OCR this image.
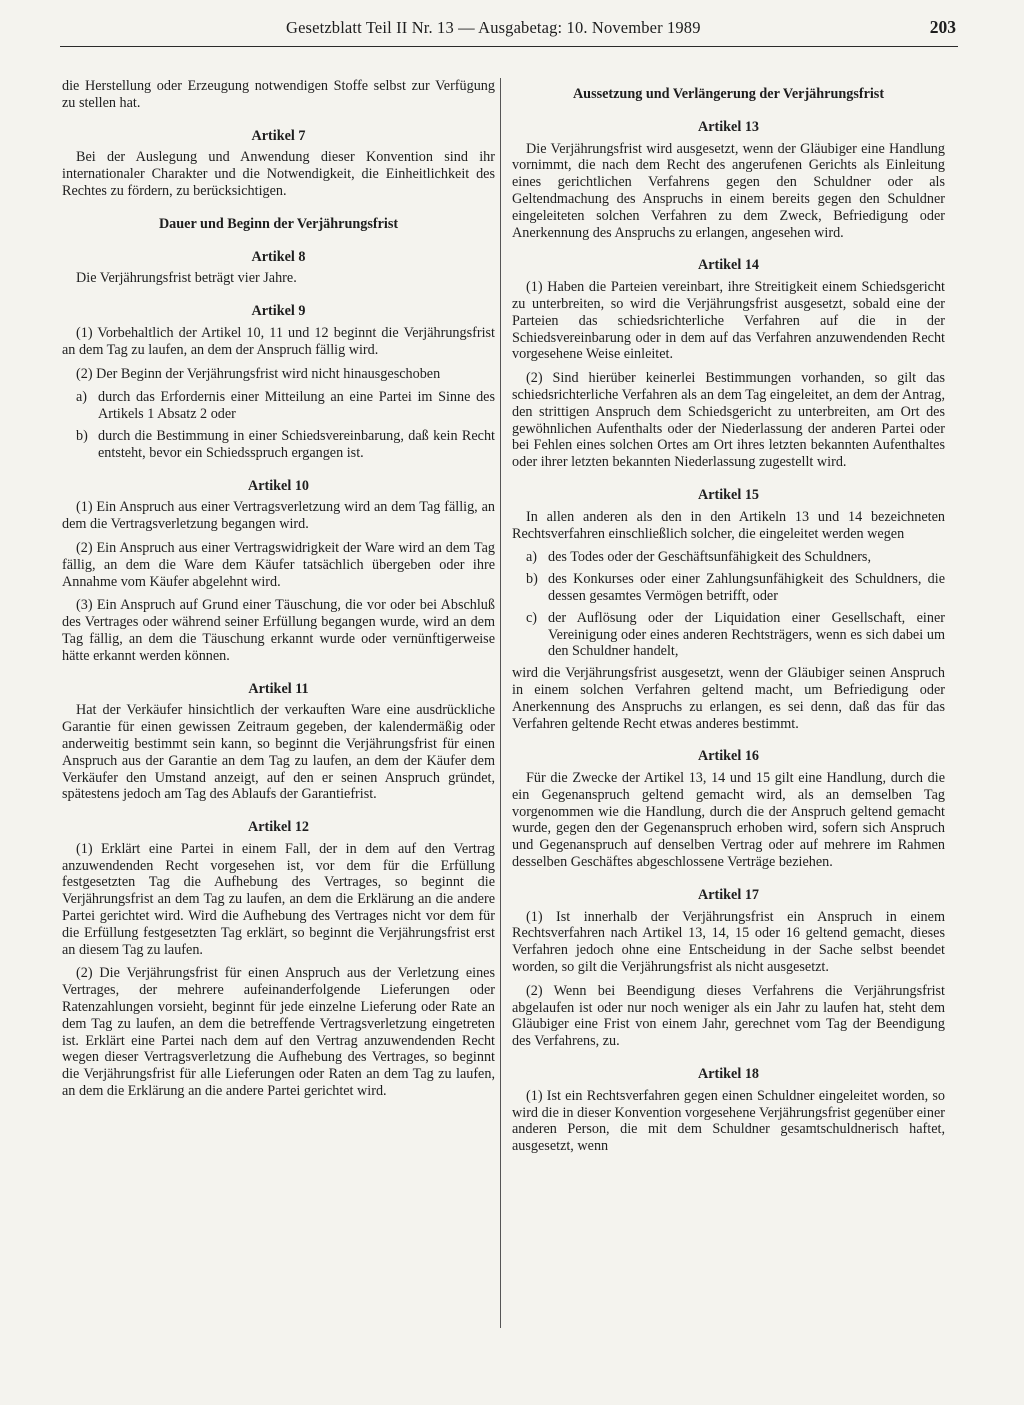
Gesetzblatt Teil II Nr. 13 — Ausgabetag: 10. November 1989	203

die Herstellung oder Erzeugung notwendigen Stoffe selbst zur Verfügung zu stellen hat.

Artikel 7

Bei der Auslegung und Anwendung dieser Konvention sind ihr internationaler Charakter und die Notwendigkeit, die Einheitlichkeit des Rechtes zu fördern, zu berücksichtigen.

Dauer und Beginn der Verjährungsfrist
Artikel 8

Die Verjährungsfrist beträgt vier Jahre.

Artikel 9

(1) Vorbehaltlich der Artikel 10, 11 und 12 beginnt die Verjährungsfrist an dem Tag zu laufen, an dem der Anspruch fällig wird.

(2) Der Beginn der Verjährungsfrist wird nicht hinausgeschoben

a) durch das Erfordernis einer Mitteilung an eine Partei im Sinne des Artikels 1 Absatz 2 oder
b) durch die Bestimmung in einer Schiedsvereinbarung, daß kein Recht entsteht, bevor ein Schiedsspruch ergangen ist.
Artikel 10

(1) Ein Anspruch aus einer Vertragsverletzung wird an dem Tag fällig, an dem die Vertragsverletzung begangen wird.

(2) Ein Anspruch aus einer Vertragswidrigkeit der Ware wird an dem Tag fällig, an dem die Ware dem Käufer tatsächlich übergeben oder ihre Annahme vom Käufer abgelehnt wird.

(3) Ein Anspruch auf Grund einer Täuschung, die vor oder bei Abschluß des Vertrages oder während seiner Erfüllung begangen wurde, wird an dem Tag fällig, an dem die Täuschung erkannt wurde oder vernünftigerweise hätte erkannt werden können.

Artikel 11

Hat der Verkäufer hinsichtlich der verkauften Ware eine ausdrückliche Garantie für einen gewissen Zeitraum gegeben, der kalendermäßig oder anderweitig bestimmt sein kann, so beginnt die Verjährungsfrist für einen Anspruch aus der Garantie an dem Tag zu laufen, an dem der Käufer dem Verkäufer den Umstand anzeigt, auf den er seinen Anspruch gründet, spätestens jedoch am Tag des Ablaufs der Garantiefrist.

Artikel 12

(1) Erklärt eine Partei in einem Fall, der in dem auf den Vertrag anzuwendenden Recht vorgesehen ist, vor dem für die Erfüllung festgesetzten Tag die Aufhebung des Vertrages, so beginnt die Verjährungsfrist an dem Tag zu laufen, an dem die Erklärung an die andere Partei gerichtet wird. Wird die Aufhebung des Vertrages nicht vor dem für die Erfüllung festgesetzten Tag erklärt, so beginnt die Verjährungsfrist erst an diesem Tag zu laufen.

(2) Die Verjährungsfrist für einen Anspruch aus der Verletzung eines Vertrages, der mehrere aufeinanderfolgende Lieferungen oder Ratenzahlungen vorsieht, beginnt für jede einzelne Lieferung oder Rate an dem Tag zu laufen, an dem die betreffende Vertragsverletzung eingetreten ist. Erklärt eine Partei nach dem auf den Vertrag anzuwendenden Recht wegen dieser Vertragsverletzung die Aufhebung des Vertrages, so beginnt die Verjährungsfrist für alle Lieferungen oder Raten an dem Tag zu laufen, an dem die Erklärung an die andere Partei gerichtet wird.

Aussetzung und Verlängerung der Verjährungsfrist
Artikel 13

Die Verjährungsfrist wird ausgesetzt, wenn der Gläubiger eine Handlung vornimmt, die nach dem Recht des angerufenen Gerichts als Einleitung eines gerichtlichen Verfahrens gegen den Schuldner oder als Geltendmachung des Anspruchs in einem bereits gegen den Schuldner eingeleiteten solchen Verfahren zu dem Zweck, Befriedigung oder Anerkennung des Anspruchs zu erlangen, angesehen wird.

Artikel 14

(1) Haben die Parteien vereinbart, ihre Streitigkeit einem Schiedsgericht zu unterbreiten, so wird die Verjährungsfrist ausgesetzt, sobald eine der Parteien das schiedsrichterliche Verfahren auf die in der Schiedsvereinbarung oder in dem auf das Verfahren anzuwendenden Recht vorgesehene Weise einleitet.

(2) Sind hierüber keinerlei Bestimmungen vorhanden, so gilt das schiedsrichterliche Verfahren als an dem Tag eingeleitet, an dem der Antrag, den strittigen Anspruch dem Schiedsgericht zu unterbreiten, am Ort des gewöhnlichen Aufenthalts oder der Niederlassung der anderen Partei oder bei Fehlen eines solchen Ortes am Ort ihres letzten bekannten Aufenthaltes oder ihrer letzten bekannten Niederlassung zugestellt wird.

Artikel 15

In allen anderen als den in den Artikeln 13 und 14 bezeichneten Rechtsverfahren einschließlich solcher, die eingeleitet werden wegen

a) des Todes oder der Geschäftsunfähigkeit des Schuldners,
b) des Konkurses oder einer Zahlungsunfähigkeit des Schuldners, die dessen gesamtes Vermögen betrifft, oder
c) der Auflösung oder der Liquidation einer Gesellschaft, einer Vereinigung oder eines anderen Rechtsträgers, wenn es sich dabei um den Schuldner handelt,

wird die Verjährungsfrist ausgesetzt, wenn der Gläubiger seinen Anspruch in einem solchen Verfahren geltend macht, um Befriedigung oder Anerkennung des Anspruchs zu erlangen, es sei denn, daß das für das Verfahren geltende Recht etwas anderes bestimmt.

Artikel 16

Für die Zwecke der Artikel 13, 14 und 15 gilt eine Handlung, durch die ein Gegenanspruch geltend gemacht wird, als an demselben Tag vorgenommen wie die Handlung, durch die der Anspruch geltend gemacht wurde, gegen den der Gegenanspruch erhoben wird, sofern sich Anspruch und Gegenanspruch auf denselben Vertrag oder auf mehrere im Rahmen desselben Geschäftes abgeschlossene Verträge beziehen.

Artikel 17

(1) Ist innerhalb der Verjährungsfrist ein Anspruch in einem Rechtsverfahren nach Artikel 13, 14, 15 oder 16 geltend gemacht, dieses Verfahren jedoch ohne eine Entscheidung in der Sache selbst beendet worden, so gilt die Verjährungsfrist als nicht ausgesetzt.

(2) Wenn bei Beendigung dieses Verfahrens die Verjährungsfrist abgelaufen ist oder nur noch weniger als ein Jahr zu laufen hat, steht dem Gläubiger eine Frist von einem Jahr, gerechnet vom Tag der Beendigung des Verfahrens, zu.

Artikel 18

(1) Ist ein Rechtsverfahren gegen einen Schuldner eingeleitet worden, so wird die in dieser Konvention vorgesehene Verjährungsfrist gegenüber einer anderen Person, die mit dem Schuldner gesamtschuldnerisch haftet, ausgesetzt, wenn
